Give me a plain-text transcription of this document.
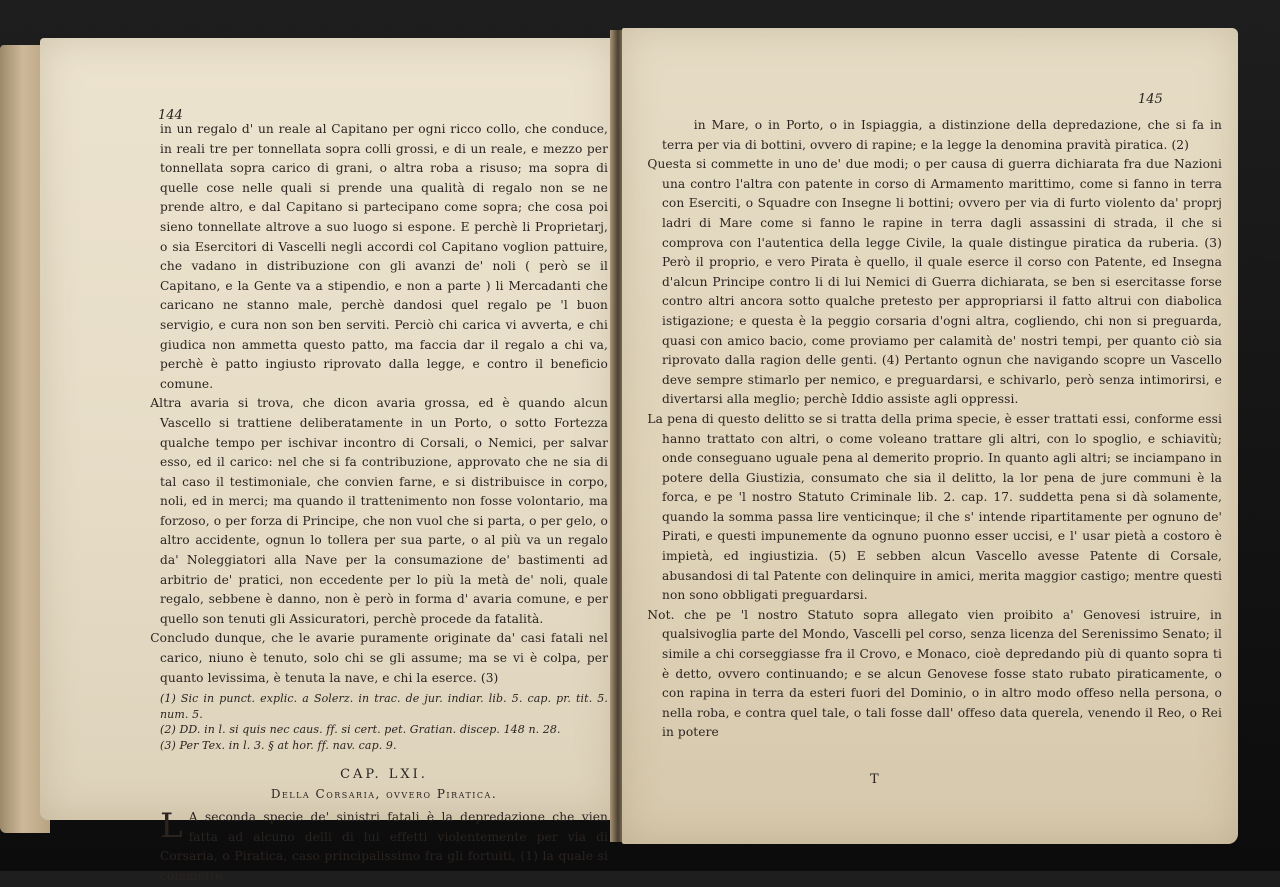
144

in un regalo d' un reale al Capitano per ogni ricco collo, che conduce, in reali tre per tonnellata sopra colli grossi, e di un reale, e mezzo per tonnellata sopra carico di grani, o altra roba a risuso; ma sopra di quelle cose nelle quali si prende una qualità di regalo non se ne prende altro, e dal Capitano si partecipano come sopra; che cosa poi sieno tonnellate altrove a suo luogo si espone. E perchè li Proprietarj, o sia Esercitori di Vascelli negli accordi col Capitano voglion pattuire, che vadano in distribuzione con gli avanzi de' noli ( però se il Capitano, e la Gente va a stipendio, e non a parte ) li Mercadanti che caricano ne stanno male, perchè dandosi quel regalo pe 'l buon servigio, e cura non son ben serviti. Perciò chi carica vi avverta, e chi giudica non ammetta questo patto, ma faccia dar il regalo a chi va, perchè è patto ingiusto riprovato dalla legge, e contro il beneficio comune.

Altra avaria si trova, che dicon avaria grossa, ed è quando alcun Vascello si trattiene deliberatamente in un Porto, o sotto Fortezza qualche tempo per ischivar incontro di Corsali, o Nemici, per salvar esso, ed il carico: nel che si fa contribuzione, approvato che ne sia di tal caso il testimoniale, che convien farne, e si distribuisce in corpo, noli, ed in merci; ma quando il trattenimento non fosse volontario, ma forzoso, o per forza di Principe, che non vuol che si parta, o per gelo, o altro accidente, ognun lo tollera per sua parte, o al più va un regalo da' Noleggiatori alla Nave per la consumazione de' bastimenti ad arbitrio de' pratici, non eccedente per lo più la metà de' noli, quale regalo, sebbene è danno, non è però in forma d' avaria comune, e per quello son tenuti gli Assicuratori, perchè procede da fatalità.

Concludo dunque, che le avarie puramente originate da' casi fatali nel carico, niuno è tenuto, solo chi se gli assume; ma se vi è colpa, per quanto levissima, è tenuta la nave, e chi la eserce. (3)

(1) Sic in punct. explic. a Solerz. in trac. de jur. indiar. lib. 5. cap. pr. tit. 5. num. 5.

(2) DD. in l. si quis nec caus. ff. si cert. pet. Gratian. discep. 148 n. 28.

(3) Per Tex. in l. 3. § at hor. ff. nav. cap. 9.

CAP. LXI.
Della Corsaria, ovvero Piratica.

L A seconda specie de' sinistri fatali è la depredazione che vien fatta ad alcuno delli di lui effetti violentemente per via di Corsaria, o Piratica, caso principalissimo fra gli fortuiti, (1) la quale si commette

145

in Mare, o in Porto, o in Ispiaggia, a distinzione della depredazione, che si fa in terra per via di bottini, ovvero di rapine; e la legge la denomina pravità piratica. (2)

Questa si commette in uno de' due modi; o per causa di guerra dichiarata fra due Nazioni una contro l'altra con patente in corso di Armamento marittimo, come si fanno in terra con Eserciti, o Squadre con Insegne li bottini; ovvero per via di furto violento da' proprj ladri di Mare come si fanno le rapine in terra dagli assassini di strada, il che si comprova con l'autentica della legge Civile, la quale distingue piratica da ruberia. (3) Però il proprio, e vero Pirata è quello, il quale eserce il corso con Patente, ed Insegna d'alcun Principe contro li di lui Nemici di Guerra dichiarata, se ben si esercitasse forse contro altri ancora sotto qualche pretesto per appropriarsi il fatto altrui con diabolica istigazione; e questa è la peggio corsaria d'ogni altra, cogliendo, chi non si preguarda, quasi con amico bacio, come proviamo per calamità de' nostri tempi, per quanto ciò sia riprovato dalla ragion delle genti. (4) Pertanto ognun che navigando scopre un Vascello deve sempre stimarlo per nemico, e preguardarsi, e schivarlo, però senza intimorirsi, e divertarsi alla meglio; perchè Iddio assiste agli oppressi.

La pena di questo delitto se si tratta della prima specie, è esser trattati essi, conforme essi hanno trattato con altri, o come voleano trattare gli altri, con lo spoglio, e schiavitù; onde conseguano uguale pena al demerito proprio. In quanto agli altri; se inciampano in potere della Giustizia, consumato che sia il delitto, la lor pena de jure communi è la forca, e pe 'l nostro Statuto Criminale lib. 2. cap. 17. suddetta pena si dà solamente, quando la somma passa lire venticinque; il che s' intende ripartitamente per ognuno de' Pirati, e questi impunemente da ognuno puonno esser uccisi, e l' usar pietà a costoro è impietà, ed ingiustizia. (5) E sebben alcun Vascello avesse Patente di Corsale, abusandosi di tal Patente con delinquire in amici, merita maggior castigo; mentre questi non sono obbligati preguardarsi.

Not. che pe 'l nostro Statuto sopra allegato vien proibito a' Genovesi istruire, in qualsivoglia parte del Mondo, Vascelli pel corso, senza licenza del Serenissimo Senato; il simile a chi corseggiasse fra il Crovo, e Monaco, cioè depredando più di quanto sopra ti è detto, ovvero continuando; e se alcun Genovese fosse stato rubato piraticamente, o con rapina in terra da esteri fuori del Dominio, o in altro modo offeso nella persona, o nella roba, e contra quel tale, o tali fosse dall' offeso data querela, venendo il Reo, o Rei in potere

T
